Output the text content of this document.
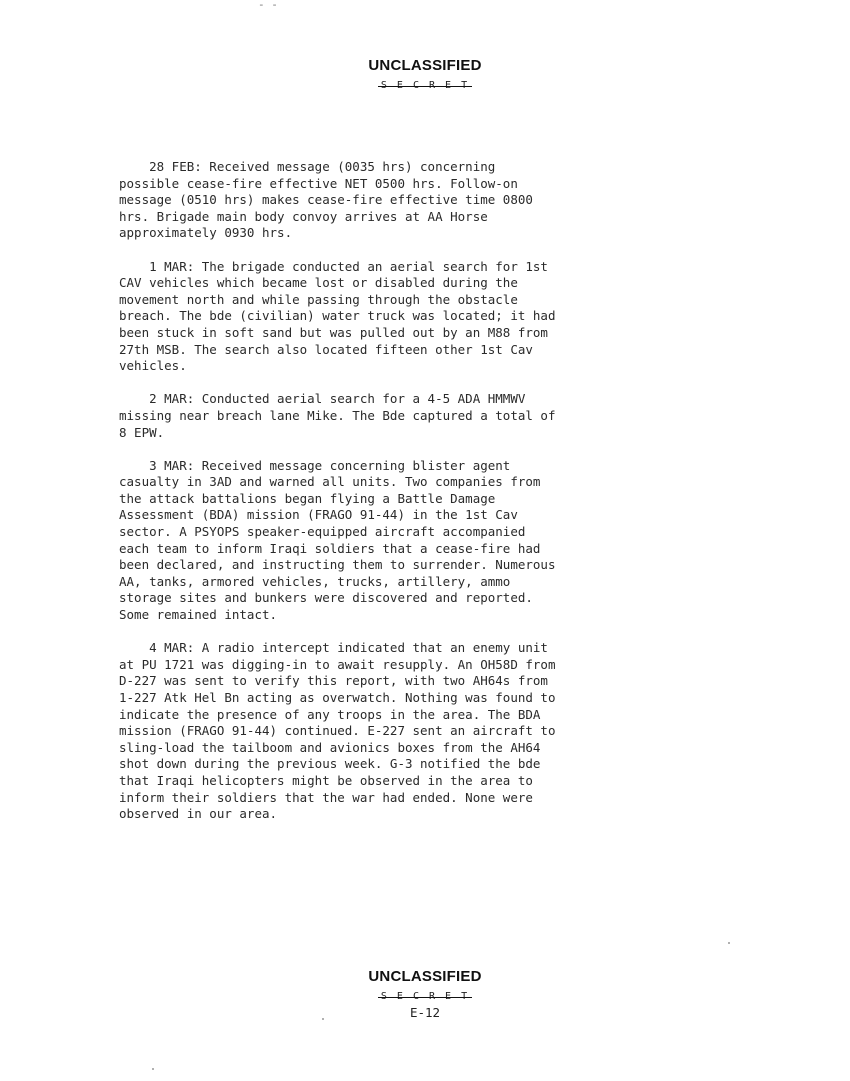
- -
UNCLASSIFIED
S E C R E T
28 FEB: Received message (0035 hrs) concerning
possible cease-fire effective NET 0500 hrs. Follow-on
message (0510 hrs) makes cease-fire effective time 0800
hrs. Brigade main body convoy arrives at AA Horse
approximately 0930 hrs.
1 MAR: The brigade conducted an aerial search for 1st
CAV vehicles which became lost or disabled during the
movement north and while passing through the obstacle
breach. The bde (civilian) water truck was located; it had
been stuck in soft sand but was pulled out by an M88 from
27th MSB. The search also located fifteen other 1st Cav
vehicles.
2 MAR: Conducted aerial search for a 4-5 ADA HMMWV
missing near breach lane Mike. The Bde captured a total of
8 EPW.
3 MAR: Received message concerning blister agent
casualty in 3AD and warned all units. Two companies from
the attack battalions began flying a Battle Damage
Assessment (BDA) mission (FRAGO 91-44) in the 1st Cav
sector. A PSYOPS speaker-equipped aircraft accompanied
each team to inform Iraqi soldiers that a cease-fire had
been declared, and instructing them to surrender. Numerous
AA, tanks, armored vehicles, trucks, artillery, ammo
storage sites and bunkers were discovered and reported.
Some remained intact.
4 MAR: A radio intercept indicated that an enemy unit
at PU 1721 was digging-in to await resupply. An OH58D from
D-227 was sent to verify this report, with two AH64s from
1-227 Atk Hel Bn acting as overwatch. Nothing was found to
indicate the presence of any troops in the area. The BDA
mission (FRAGO 91-44) continued. E-227 sent an aircraft to
sling-load the tailboom and avionics boxes from the AH64
shot down during the previous week. G-3 notified the bde
that Iraqi helicopters might be observed in the area to
inform their soldiers that the war had ended. None were
observed in our area.
UNCLASSIFIED
S E C R E T
E-12
